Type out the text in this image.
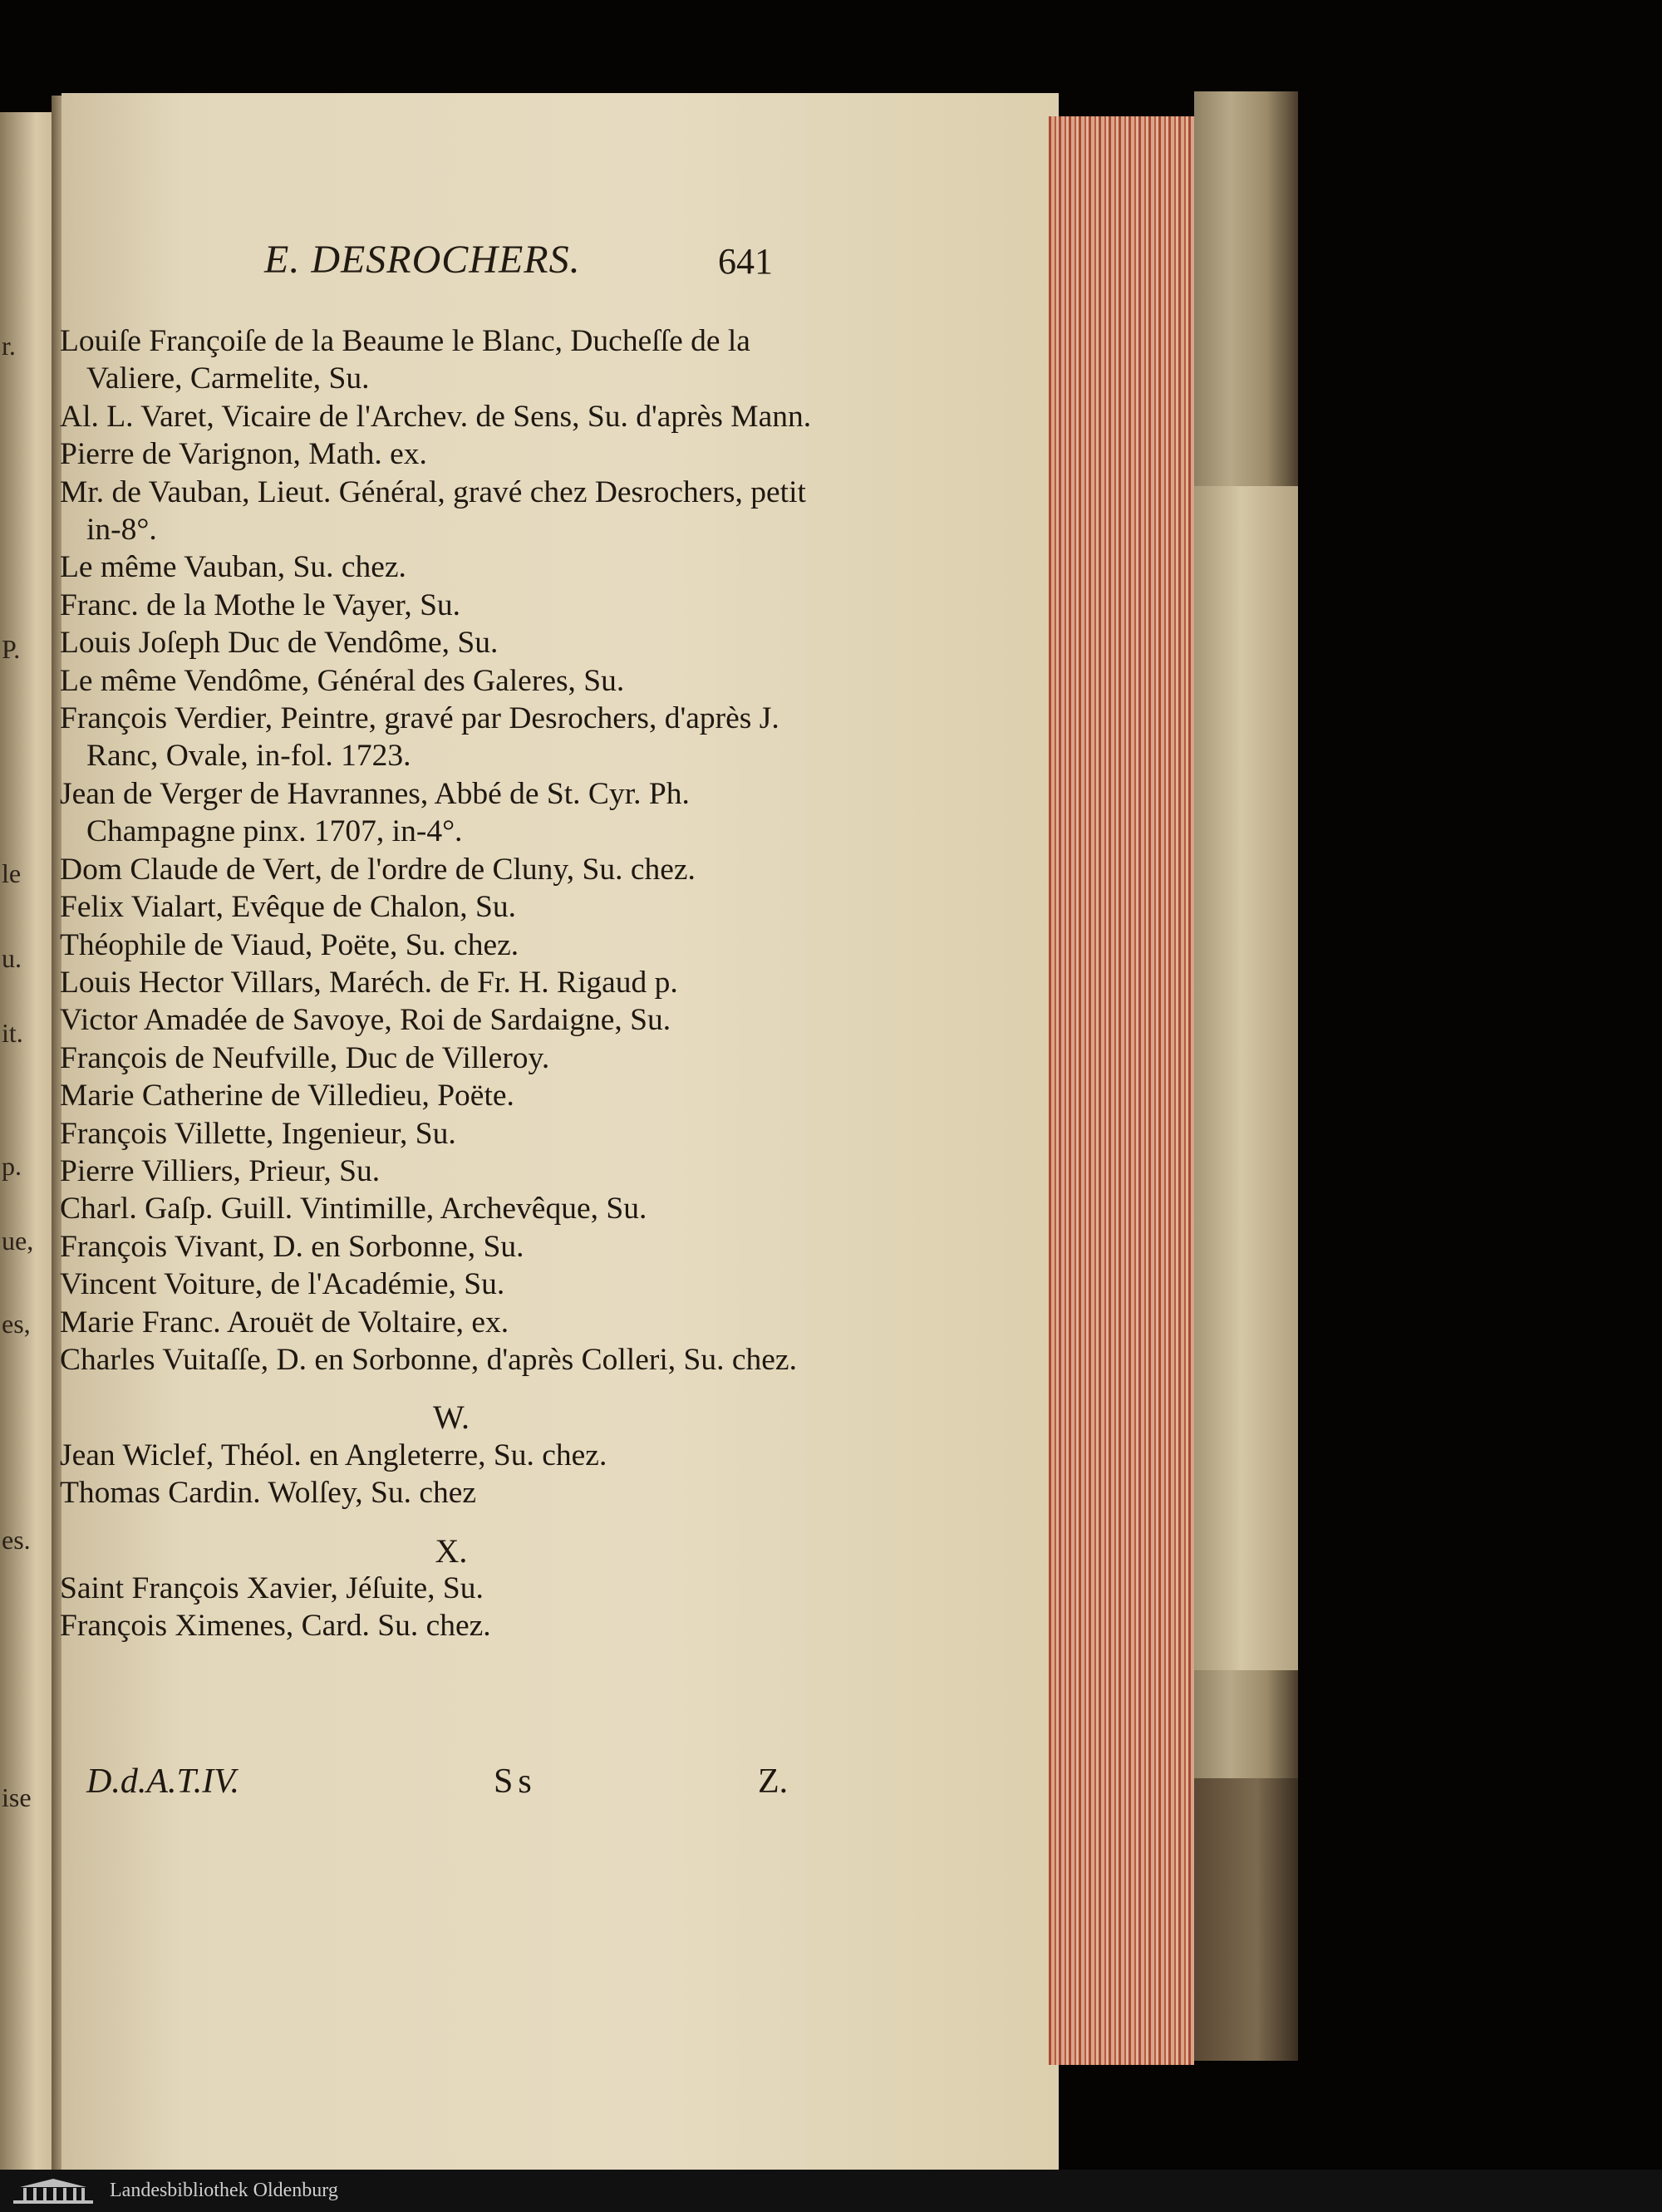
r.
P.
le
u.
it.
p.
ue,
es,
es.
ise
E. DESROCHERS.	641
Louiſe Françoiſe de la Beaume le Blanc, Ducheſſe de la Valiere, Carmelite, Su.
Al. L. Varet, Vicaire de l'Archev. de Sens, Su. d'après Mann.
Pierre de Varignon, Math. ex.
Mr. de Vauban, Lieut. Général, gravé chez Desrochers, petit in-8°.
Le même Vauban, Su. chez.
Franc. de la Mothe le Vayer, Su.
Louis Joſeph Duc de Vendôme, Su.
Le même Vendôme, Général des Galeres, Su.
François Verdier, Peintre, gravé par Desrochers, d'après J. Ranc, Ovale, in-fol. 1723.
Jean de Verger de Havrannes, Abbé de St. Cyr. Ph. Champagne pinx. 1707, in-4°.
Dom Claude de Vert, de l'ordre de Cluny, Su. chez.
Felix Vialart, Evêque de Chalon, Su.
Théophile de Viaud, Poëte, Su. chez.
Louis Hector Villars, Maréch. de Fr. H. Rigaud p.
Victor Amadée de Savoye, Roi de Sardaigne, Su.
François de Neufville, Duc de Villeroy.
Marie Catherine de Villedieu, Poëte.
François Villette, Ingenieur, Su.
Pierre Villiers, Prieur, Su.
Charl. Gaſp. Guill. Vintimille, Archevêque, Su.
François Vivant, D. en Sorbonne, Su.
Vincent Voiture, de l'Académie, Su.
Marie Franc. Arouët de Voltaire, ex.
Charles Vuitaſſe, D. en Sorbonne, d'après Colleri, Su. chez.
W.
Jean Wiclef, Théol. en Angleterre, Su. chez.
Thomas Cardin. Wolſey, Su. chez
X.
Saint François Xavier, Jéſuite, Su.
François Ximenes, Card. Su. chez.
D.d.A.T.IV.	Ss	Z.
Landesbibliothek Oldenburg
